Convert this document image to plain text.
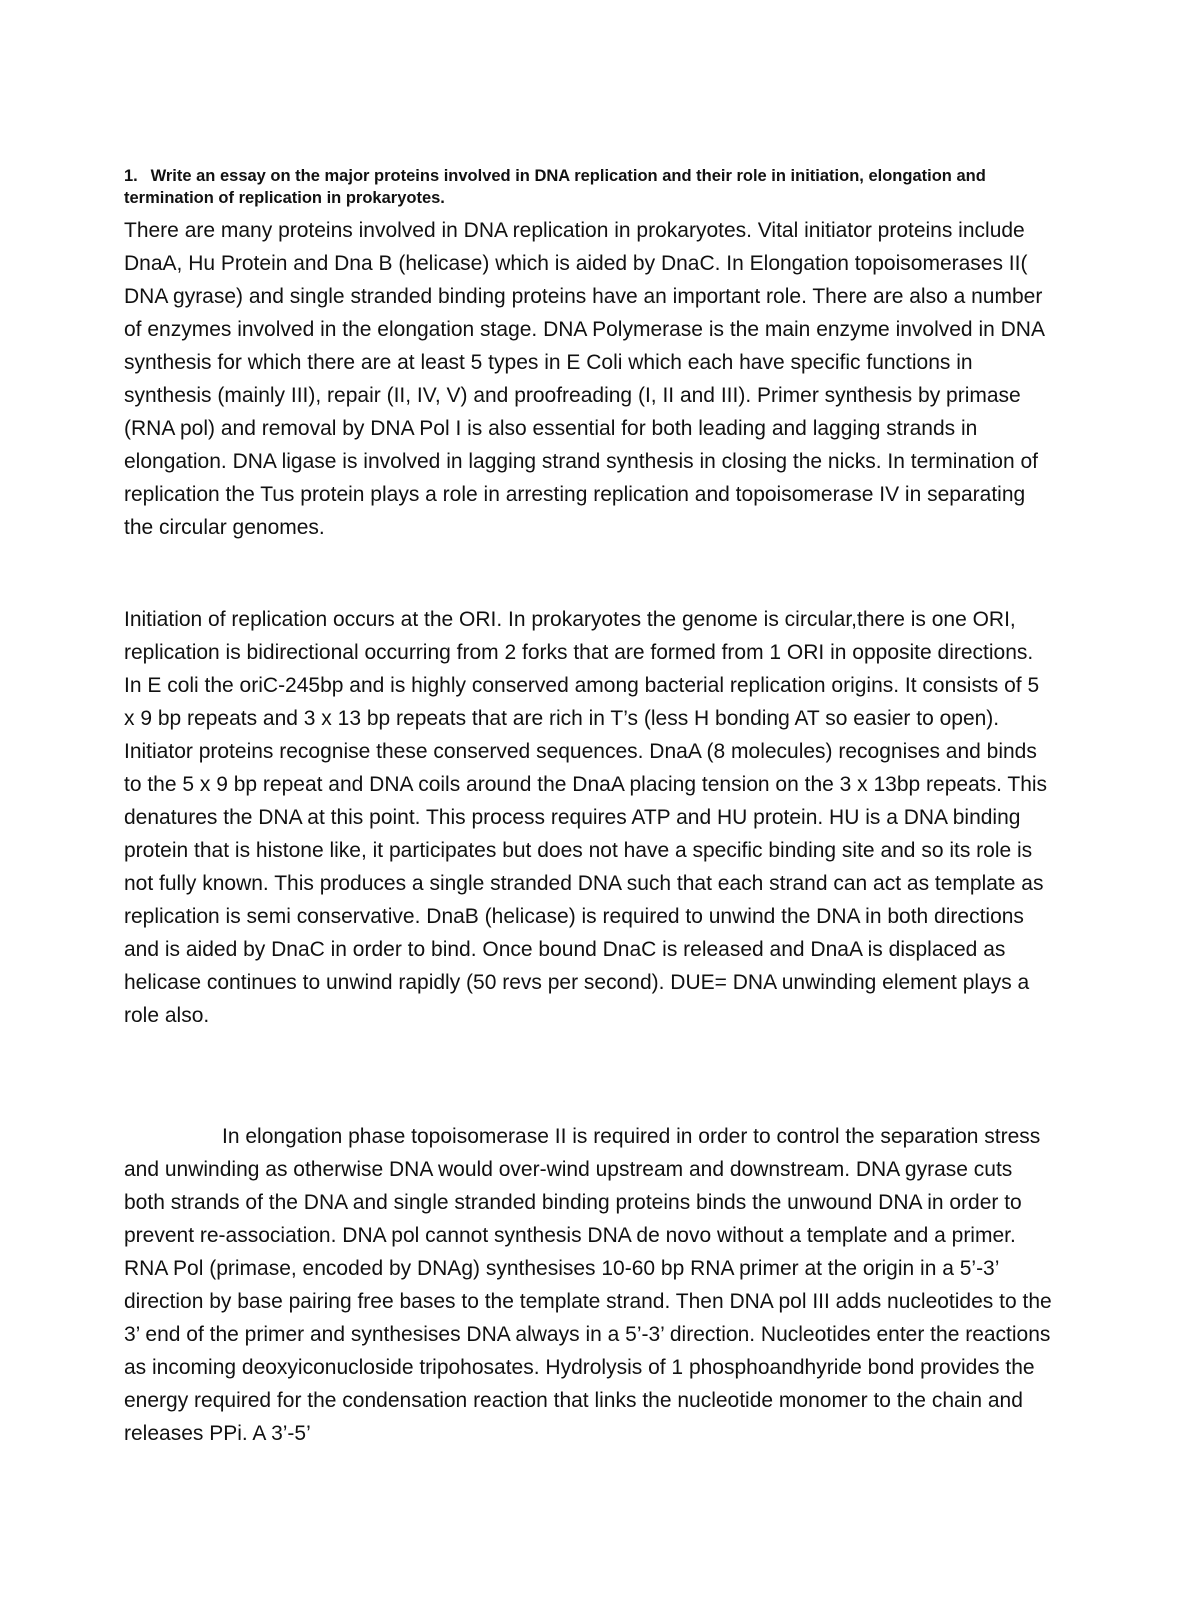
1. Write an essay on the major proteins involved in DNA replication and their role in initiation, elongation and termination of replication in prokaryotes.

There are many proteins involved in DNA replication in prokaryotes. Vital initiator proteins include DnaA, Hu Protein and Dna B (helicase) which is aided by DnaC. In Elongation topoisomerases II( DNA gyrase) and single stranded binding proteins have an important role. There are also a number of enzymes involved in the elongation stage. DNA Polymerase is the main enzyme involved in DNA synthesis for which there are at least 5 types in E Coli which each have specific functions in synthesis (mainly III), repair (II, IV, V) and proofreading (I, II and III). Primer synthesis by primase (RNA pol) and removal by DNA Pol I is also essential for both leading and lagging strands in elongation. DNA ligase is involved in lagging strand synthesis in closing the nicks. In termination of replication the Tus protein plays a role in arresting replication and topoisomerase IV in separating the circular genomes.

Initiation of replication occurs at the ORI. In prokaryotes the genome is circular,there is one ORI, replication is bidirectional occurring from 2 forks that are formed from 1 ORI in opposite directions. In E coli the oriC-245bp and is highly conserved among bacterial replication origins. It consists of 5 x 9 bp repeats and 3 x 13 bp repeats that are rich in T’s (less H bonding AT so easier to open). Initiator proteins recognise these conserved sequences. DnaA (8 molecules) recognises and binds to the 5 x 9 bp repeat and DNA coils around the DnaA placing tension on the 3 x 13bp repeats. This denatures the DNA at this point. This process requires ATP and HU protein. HU is a DNA binding protein that is histone like, it participates but does not have a specific binding site and so its role is not fully known. This produces a single stranded DNA such that each strand can act as template as replication is semi conservative. DnaB (helicase) is required to unwind the DNA in both directions and is aided by DnaC in order to bind. Once bound DnaC is released and DnaA is displaced as helicase continues to unwind rapidly (50 revs per second). DUE= DNA unwinding element plays a role also.

In elongation phase topoisomerase II is required in order to control the separation stress and unwinding as otherwise DNA would over-wind upstream and downstream. DNA gyrase cuts both strands of the DNA and single stranded binding proteins binds the unwound DNA in order to prevent re-association. DNA pol cannot synthesis DNA de novo without a template and a primer. RNA Pol (primase, encoded by DNAg) synthesises 10-60 bp RNA primer at the origin in a 5’-3’ direction by base pairing free bases to the template strand. Then DNA pol III adds nucleotides to the 3’ end of the primer and synthesises DNA always in a 5’-3’ direction. Nucleotides enter the reactions as incoming deoxyiconucloside tripohosates. Hydrolysis of 1 phosphoandhyride bond provides the energy required for the condensation reaction that links the nucleotide monomer to the chain and releases PPi. A 3’-5’
